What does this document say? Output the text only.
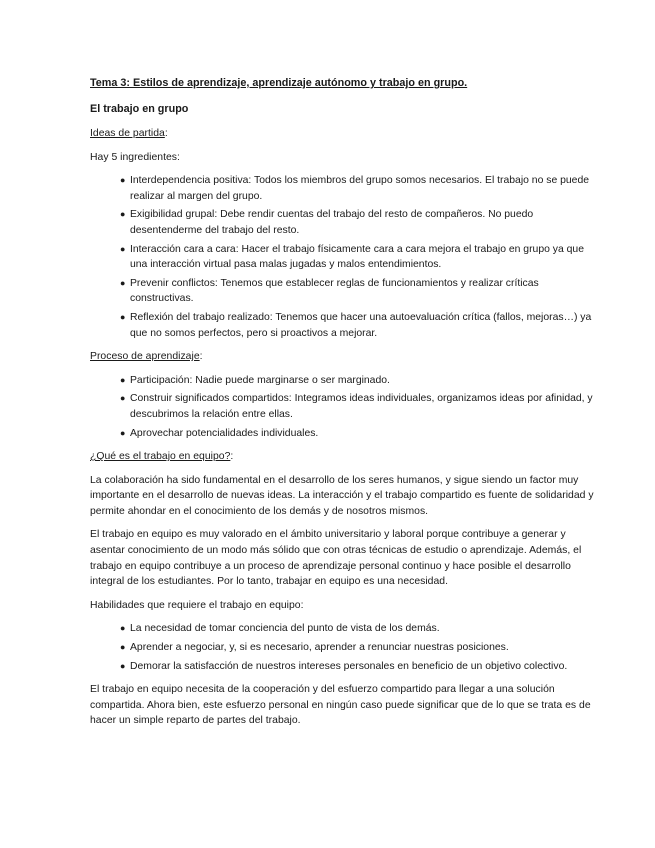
Tema 3: Estilos de aprendizaje, aprendizaje autónomo y trabajo en grupo.
El trabajo en grupo
Ideas de partida:
Hay 5 ingredientes:
● Interdependencia positiva: Todos los miembros del grupo somos necesarios. El trabajo no se puede realizar al margen del grupo.
● Exigibilidad grupal: Debe rendir cuentas del trabajo del resto de compañeros. No puedo desentenderme del trabajo del resto.
● Interacción cara a cara: Hacer el trabajo físicamente cara a cara mejora el trabajo en grupo ya que una interacción virtual pasa malas jugadas y malos entendimientos.
● Prevenir conflictos: Tenemos que establecer reglas de funcionamientos y realizar críticas constructivas.
● Reflexión del trabajo realizado: Tenemos que hacer una autoevaluación crítica (fallos, mejoras…) ya que no somos perfectos, pero si proactivos a mejorar.
Proceso de aprendizaje:
● Participación: Nadie puede marginarse o ser marginado.
● Construir significados compartidos: Integramos ideas individuales, organizamos ideas por afinidad, y descubrimos la relación entre ellas.
● Aprovechar potencialidades individuales.
¿Qué es el trabajo en equipo?:
La colaboración ha sido fundamental en el desarrollo de los seres humanos, y sigue siendo un factor muy importante en el desarrollo de nuevas ideas. La interacción y el trabajo compartido es fuente de solidaridad y permite ahondar en el conocimiento de los demás y de nosotros mismos.
El trabajo en equipo es muy valorado en el ámbito universitario y laboral porque contribuye a generar y asentar conocimiento de un modo más sólido que con otras técnicas de estudio o aprendizaje. Además, el trabajo en equipo contribuye a un proceso de aprendizaje personal continuo y hace posible el desarrollo integral de los estudiantes. Por lo tanto, trabajar en equipo es una necesidad.
Habilidades que requiere el trabajo en equipo:
● La necesidad de tomar conciencia del punto de vista de los demás.
● Aprender a negociar, y, si es necesario, aprender a renunciar nuestras posiciones.
● Demorar la satisfacción de nuestros intereses personales en beneficio de un objetivo colectivo.
El trabajo en equipo necesita de la cooperación y del esfuerzo compartido para llegar a una solución compartida. Ahora bien, este esfuerzo personal en ningún caso puede significar que de lo que se trata es de hacer un simple reparto de partes del trabajo.
